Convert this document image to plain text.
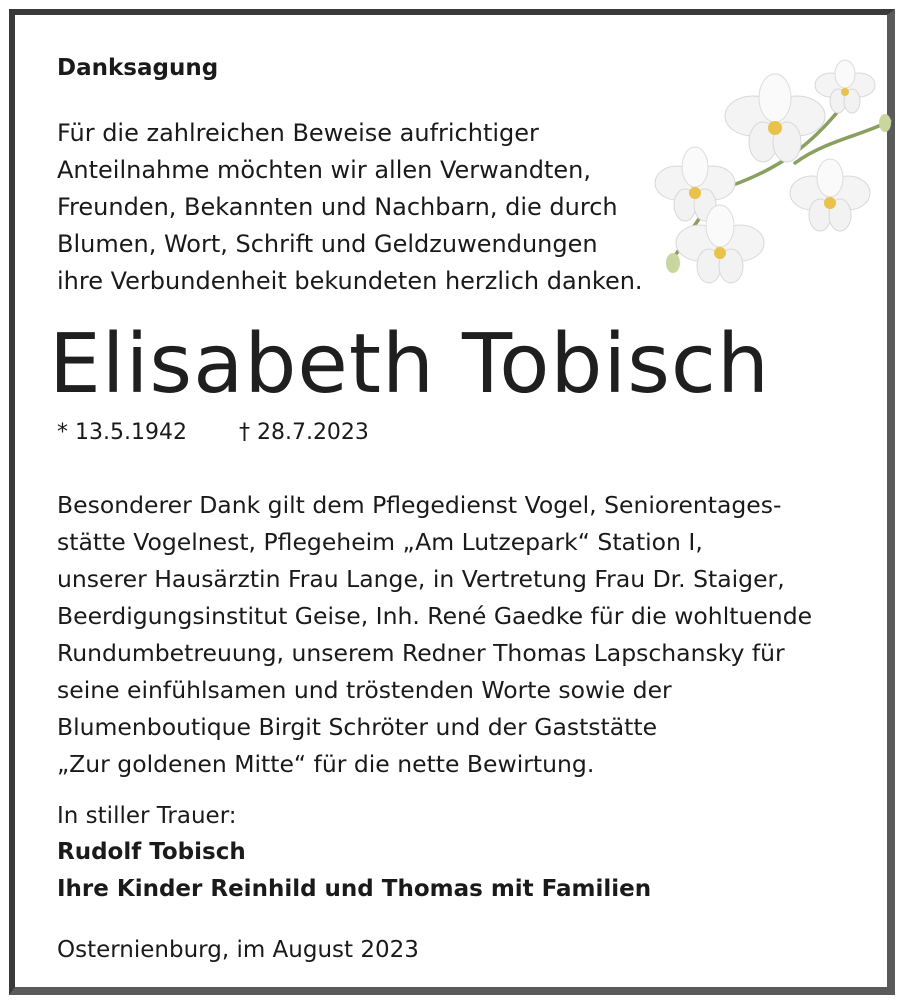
Danksagung
Für die zahlreichen Beweise aufrichtiger
Anteilnahme möchten wir allen Verwandten,
Freunden, Bekannten und Nachbarn, die durch
Blumen, Wort, Schrift und Geldzuwendungen
ihre Verbundenheit bekundeten herzlich danken.
Elisabeth Tobisch
* 13.5.1942 † 28.7.2023
Besonderer Dank gilt dem Pflegedienst Vogel, Seniorentages-
stätte Vogelnest, Pflegeheim „Am Lutzepark“ Station I,
unserer Hausärztin Frau Lange, in Vertretung Frau Dr. Staiger,
Beerdigungsinstitut Geise, Inh. René Gaedke für die wohltuende
Rundumbetreuung, unserem Redner Thomas Lapschansky für
seine einfühlsamen und tröstenden Worte sowie der
Blumenboutique Birgit Schröter und der Gaststätte
„Zur goldenen Mitte“ für die nette Bewirtung.
In stiller Trauer:
Rudolf Tobisch
Ihre Kinder Reinhild und Thomas mit Familien
Osternienburg, im August 2023
